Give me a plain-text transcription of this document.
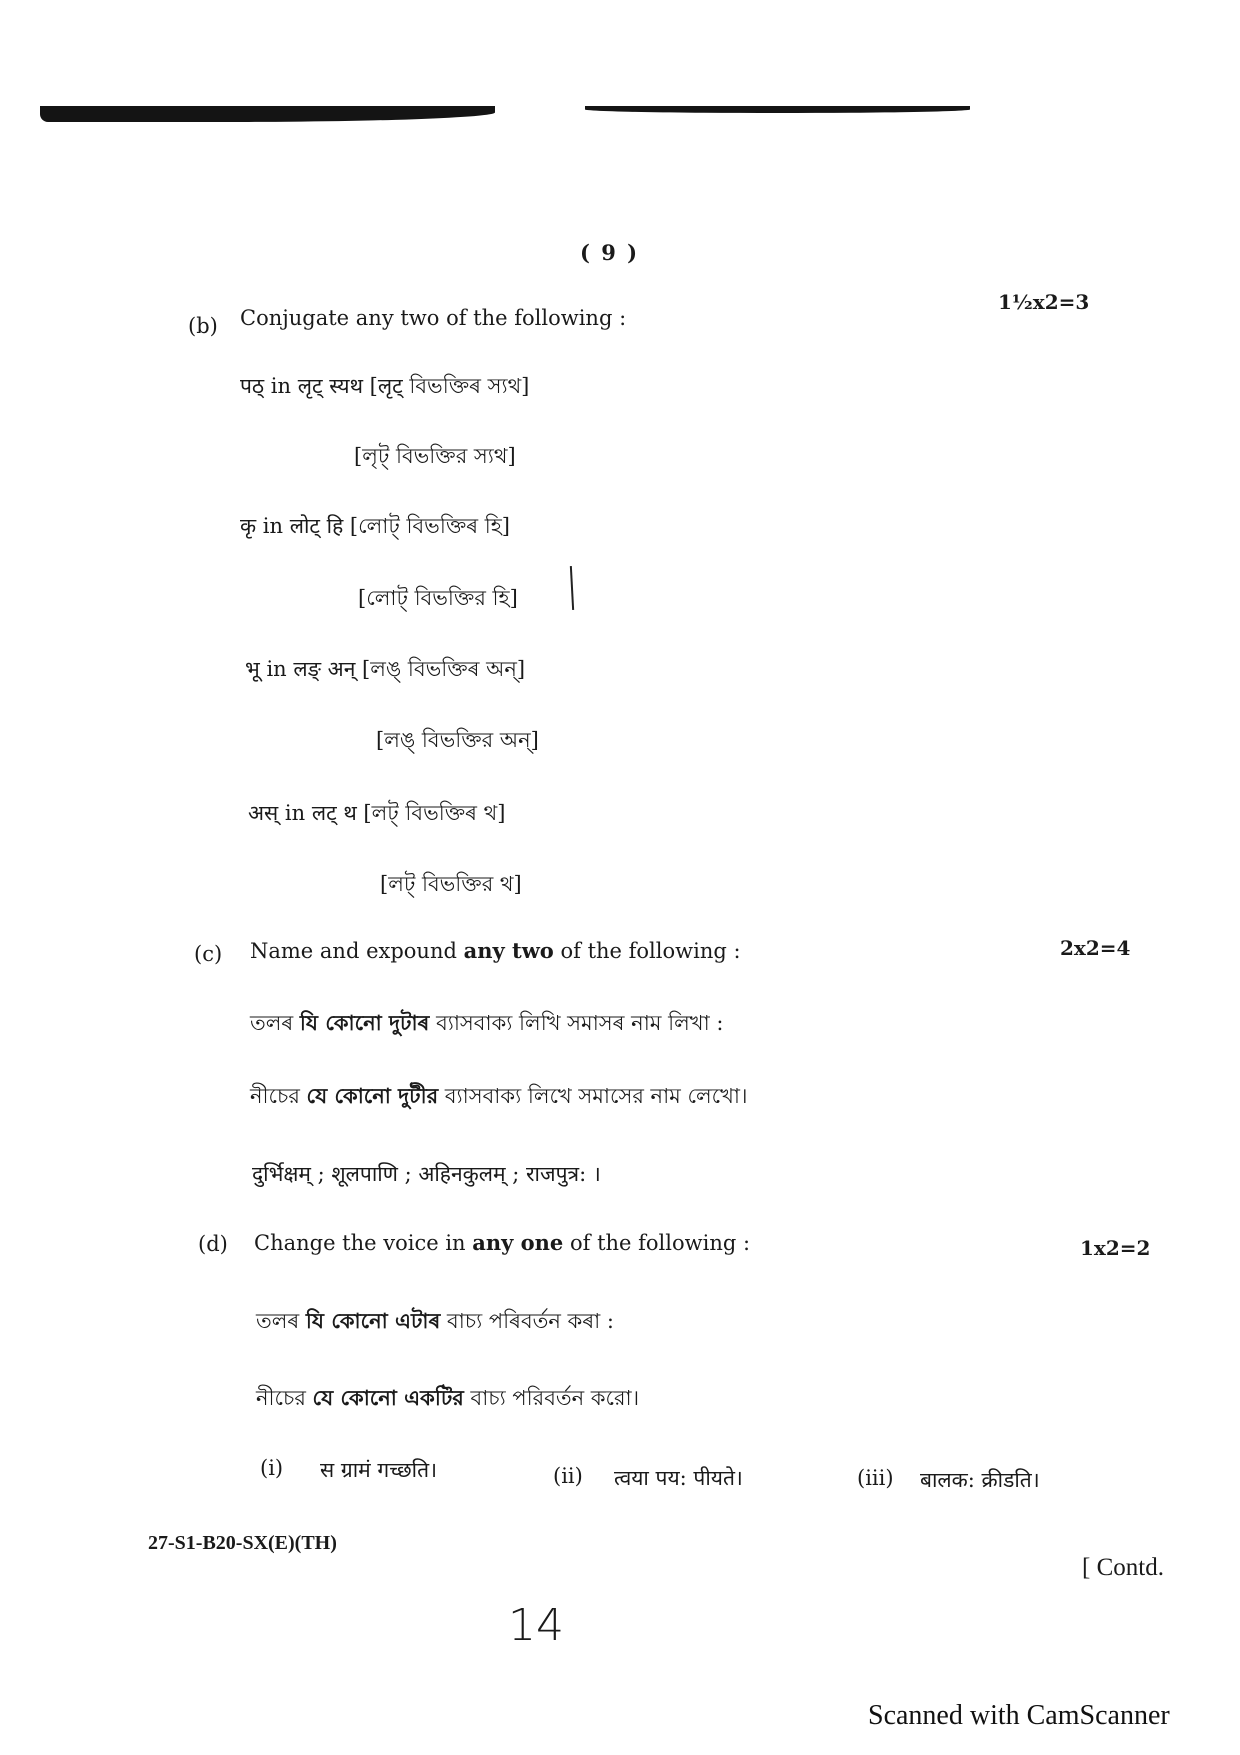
( 9 )
(b) Conjugate any two of the following :
1½x2=3
पठ् in लृट् स्यथ [लृट् বিভক্তিৰ স্যথ]
[লৃট্ বিভক্তির স্যথ]
कृ in लोट् हि [লোট্ বিভক্তিৰ হি]
[লোট্ বিভক্তির হি]
भू in लङ् अन् [লঙ্ বিভক্তিৰ অন্]
[লঙ্ বিভক্তির অন্]
अस् in लट् थ [লট্ বিভক্তিৰ থ]
[লট্ বিভক্তির থ]
(c) Name and expound any two of the following :	2x2=4
তলৰ যি কোনো দুটাৰ ব্যাসবাক্য লিখি সমাসৰ নাম লিখা :
নীচের যে কোনো দুটীর ব্যাসবাক্য লিখে সমাসের নাম লেখো।
दुर्भिक्षम् ; शूलपाणि ; अहिनकुलम् ; राजपुत्र: ।
(d) Change the voice in any one of the following :	1x2=2
তলৰ যি কোনো এটাৰ বাচ্য পৰিবৰ্তন কৰা :
নীচের যে কোনো একটির বাচ্য পরিবর্তন করো।
(i) स ग्रामं गच्छति।	(ii) त्वया पय: पीयते।	(iii) बालक: क्रीडति।
27-S1-B20-SX(E)(TH)
[ Contd.
14
Scanned with CamScanner
